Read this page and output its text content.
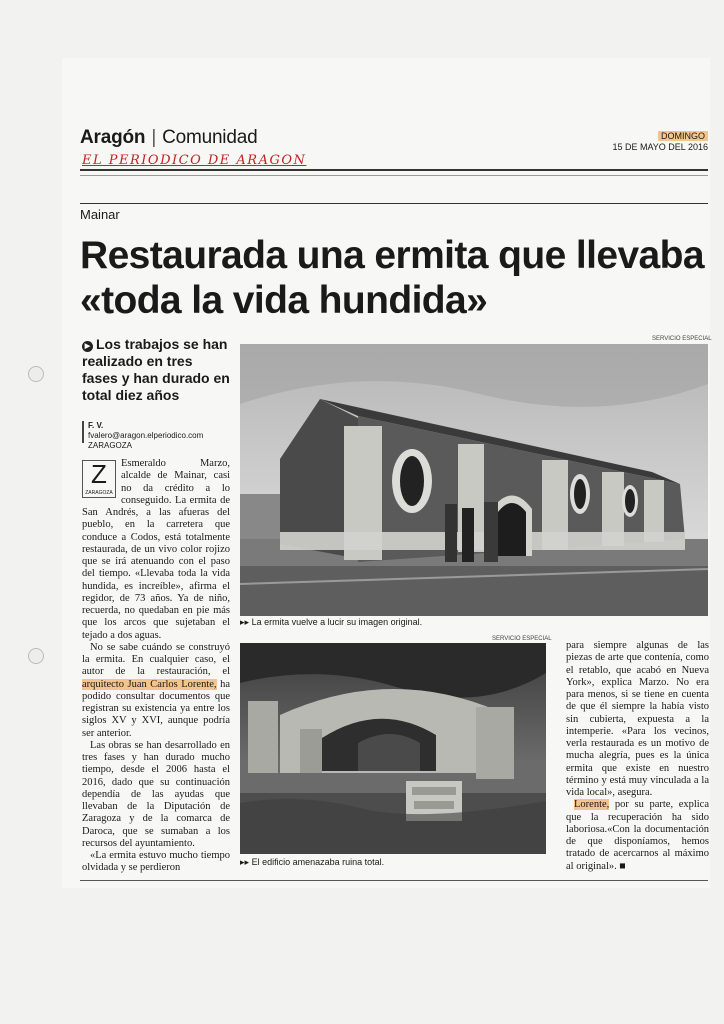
Aragón | Comunidad
EL PERIODICO DE ARAGON
DOMINGO
15 DE MAYO DEL 2016
Mainar
Restaurada una ermita que llevaba «toda la vida hundida»
▶ Los trabajos se han realizado en tres fases y han durado en total diez años
F. V.
fvalero@aragon.elperiodico.com
ZARAGOZA
Z
ZARAGOZA

Esmeraldo Marzo, alcalde de Mainar, casi no da crédito a lo conseguido. La ermita de San Andrés, a las afueras del pueblo, en la carretera que conduce a Codos, está totalmente restaurada, de un vivo color rojizo que se irá atenuando con el paso del tiempo. «Llevaba toda la vida hundida, es increíble», afirma el regidor, de 73 años. Ya de niño, recuerda, no quedaban en pie más que los arcos que sujetaban el tejado a dos aguas.

No se sabe cuándo se construyó la ermita. En cualquier caso, el autor de la restauración, el arquitecto Juan Carlos Lorente, ha podido consultar documentos que registran su existencia ya entre los siglos XV y XVI, aunque podría ser anterior.

Las obras se han desarrollado en tres fases y han durado mucho tiempo, desde el 2006 hasta el 2016, dado que su continuación dependía de las ayudas que llevaban de la Diputación de Zaragoza y de la comarca de Daroca, que se sumaban a los recursos del ayuntamiento.

«La ermita estuvo mucho tiempo olvidada y se perdieron

SERVICIO ESPECIAL
▸▸ La ermita vuelve a lucir su imagen original.
SERVICIO ESPECIAL
▸▸ El edificio amenazaba ruina total.

para siempre algunas de las piezas de arte que contenía, como el retablo, que acabó en Nueva York», explica Marzo. No era para menos, si se tiene en cuenta de que él siempre la había visto sin cubierta, expuesta a la intemperie. «Para los vecinos, verla restaurada es un motivo de mucha alegría, pues es la única ermita que existe en nuestro término y está muy vinculada a la vida local», asegura.

Lorente, por su parte, explica que la recuperación ha sido laboriosa.«Con la documentación de que disponíamos, hemos tratado de acercarnos al máximo al original». ■
